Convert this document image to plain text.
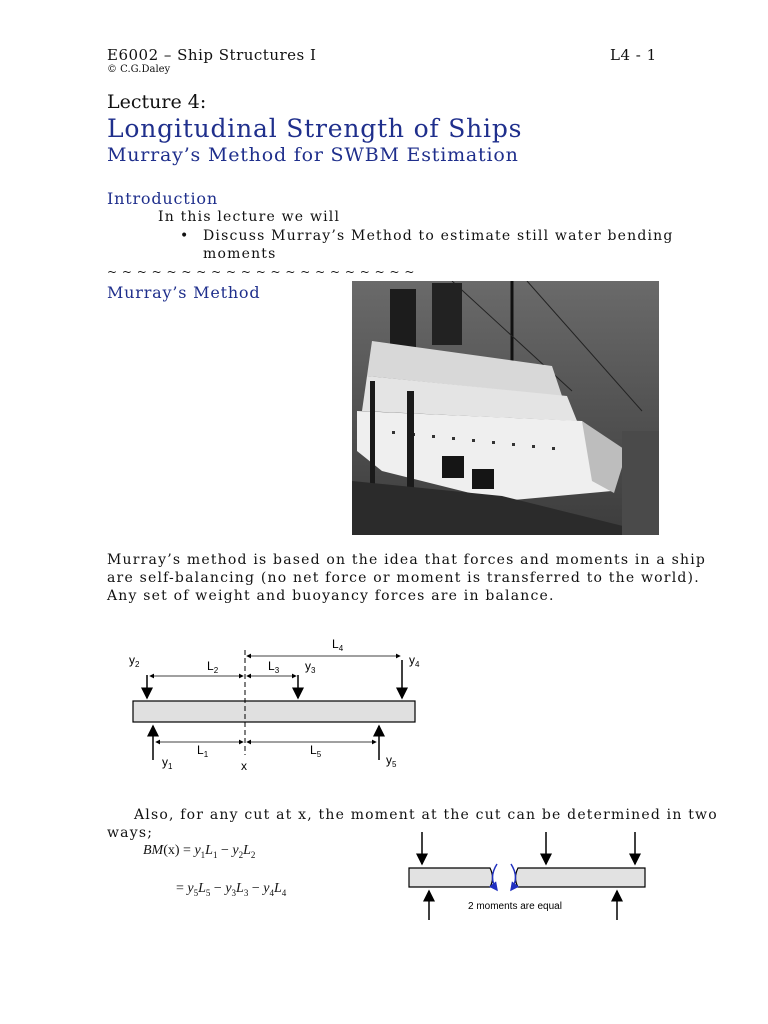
E6002 – Ship Structures I	L4 - 1
© C.G.Daley
Lecture 4:
Longitudinal Strength of Ships
Murray’s Method for SWBM Estimation
Introduction
In this lecture we will
• Discuss Murray’s Method to estimate still water bending
moments
~ ~ ~ ~ ~ ~ ~ ~ ~ ~ ~ ~ ~ ~ ~ ~ ~ ~ ~ ~ ~
Murray’s Method
Murray’s method is based on the idea that forces and moments in a ship
are self-balancing (no net force or moment is transferred to the world).
Any set of weight and buoyancy forces are in balance.
$y_2$	$L_2$	$L_3$ $y_3$
$L_4$
$y_4$
$L_1$	$L_5$
$y_1$	x	$y_5$
Also, for any cut at x, the moment at the cut can be determined in two
ways;
$BM(x) = y_1L_1 - y_2L_2$
= $y_5L_5 - y_3L_3 - y_4L_4$
2 moments are equal
